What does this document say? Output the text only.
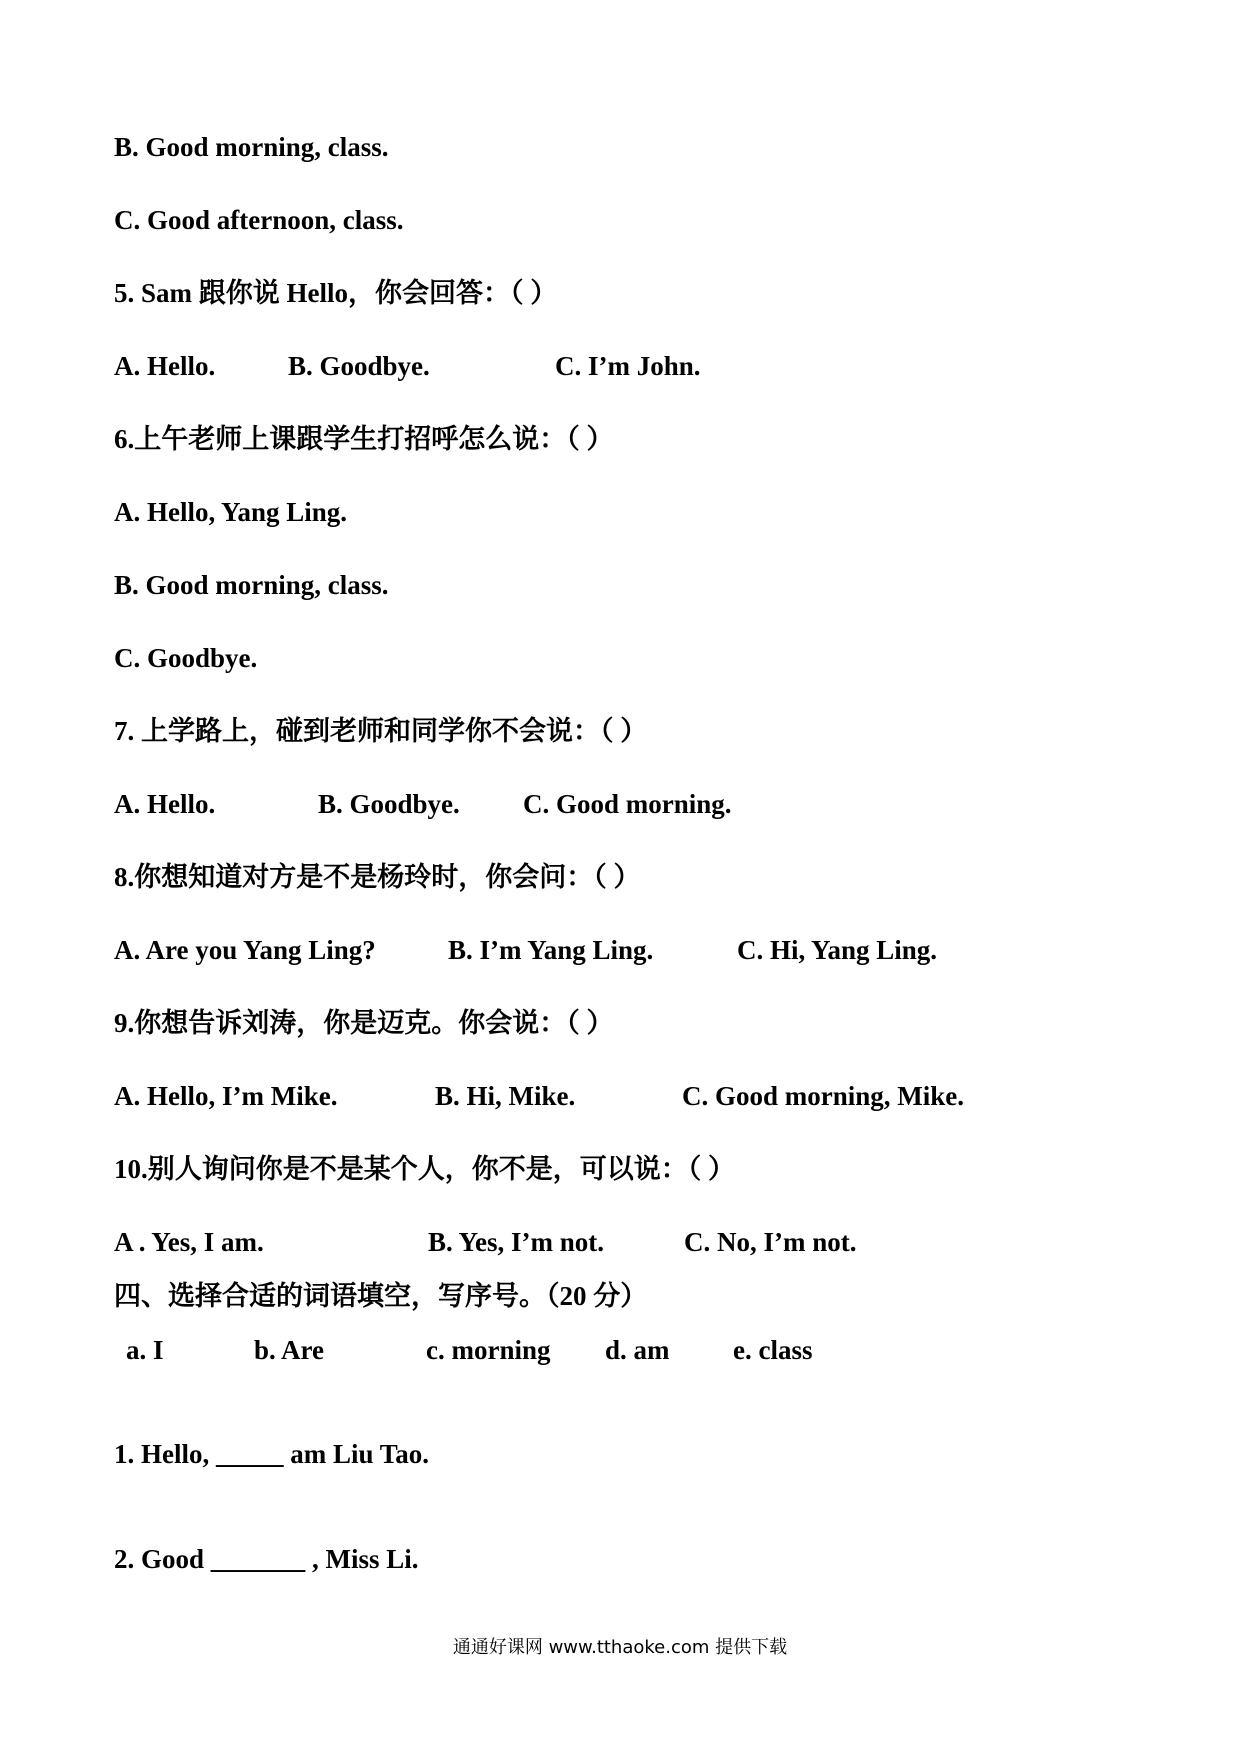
B. Good morning, class.
C. Good afternoon, class.
5. Sam 跟你说 Hello，你会回答：（ ）
A. Hello.	B. Goodbye.	C. I’m John.
6.上午老师上课跟学生打招呼怎么说：（ ）
A. Hello, Yang Ling.
B. Good morning, class.
C. Goodbye.
7. 上学路上，碰到老师和同学你不会说：（ ）
A. Hello.	B. Goodbye. C. Good morning.
8.你想知道对方是不是杨玲时，你会问：（ ）
A. Are you Yang Ling?	B. I’m Yang Ling.	C. Hi, Yang Ling.
9.你想告诉刘涛，你是迈克。你会说：（ ）
A. Hello, I’m Mike.	B. Hi, Mike.	C. Good morning, Mike.
10.别人询问你是不是某个人，你不是，可以说：（ ）
A . Yes, I am.	B. Yes, I’m not.	C. No, I’m not.
四、选择合适的词语填空，写序号。（20 分）
a. I	b. Are	c. morning d. am e. class
1. Hello, _____ am Liu Tao.
2. Good _______ , Miss Li.
通通好课网 www.tthaoke.com 提供下载
